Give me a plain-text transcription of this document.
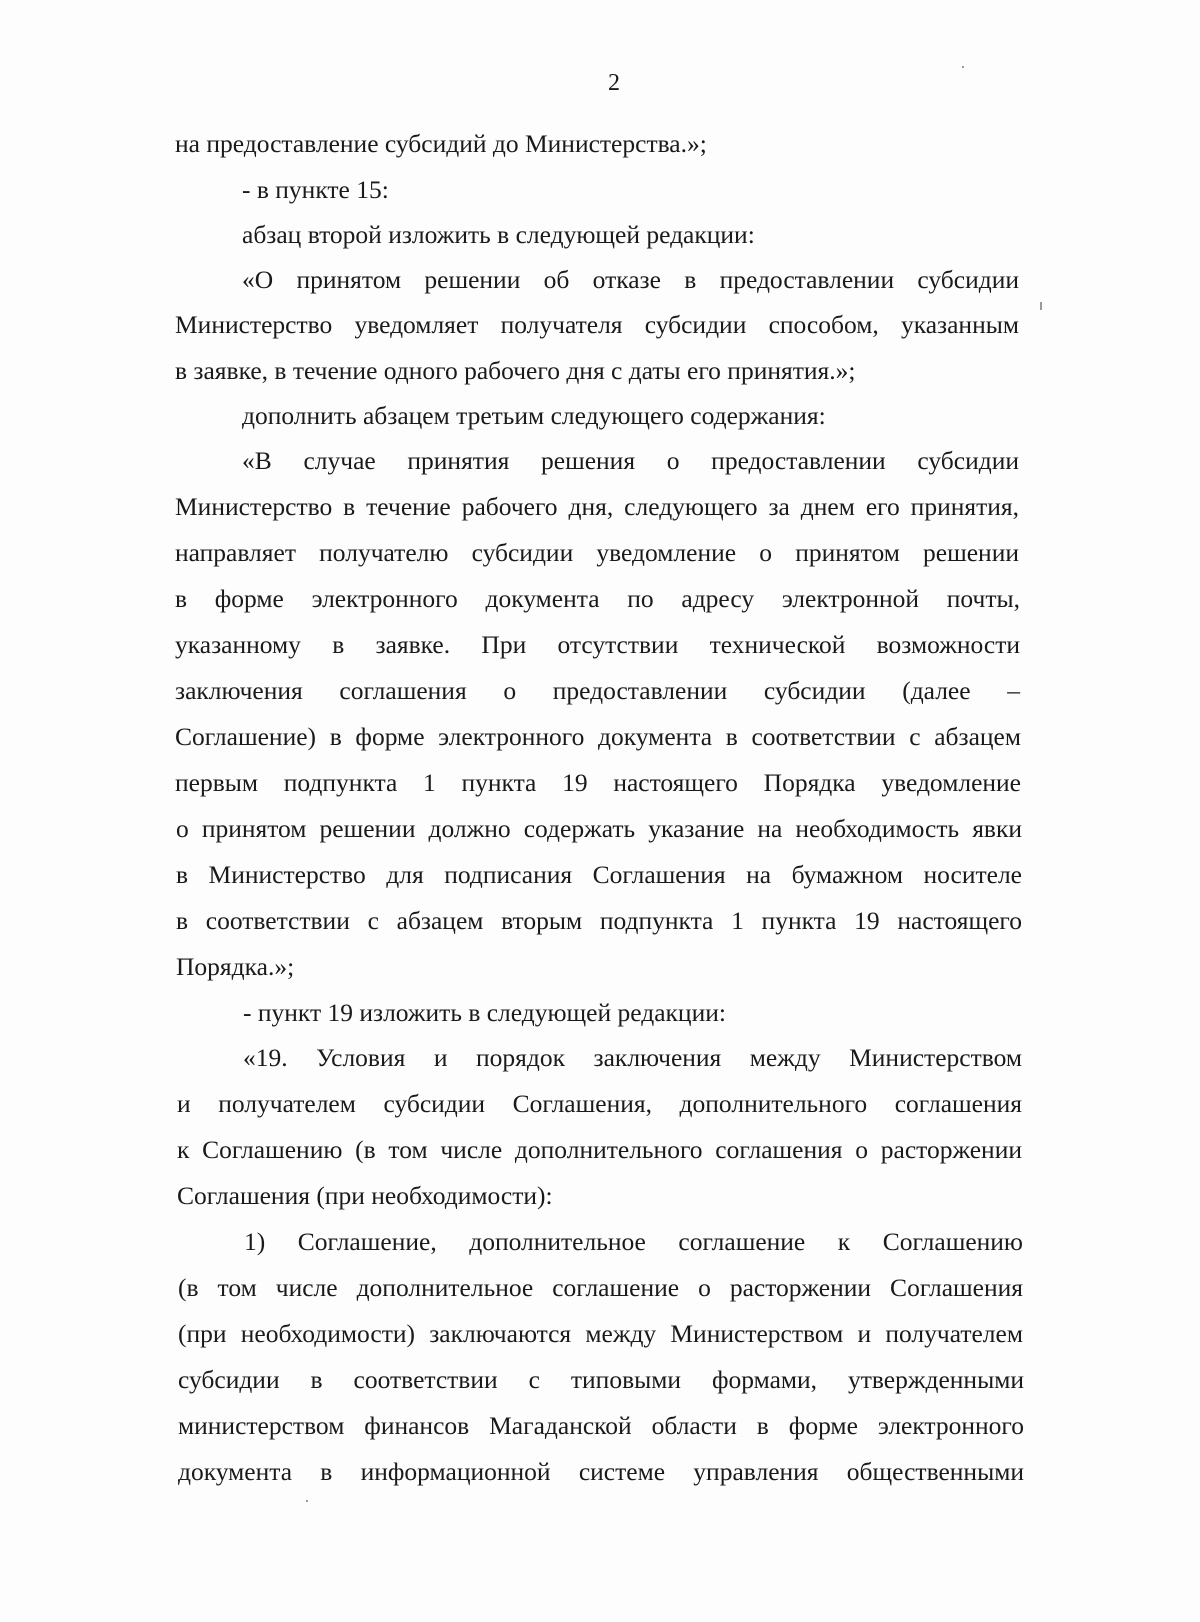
2
на предоставление субсидий до Министерства.»;
- в пункте 15:
абзац второй изложить в следующей редакции:
«О принятом решении об отказе в предоставлении субсидии
Министерство уведомляет получателя субсидии способом, указанным
в заявке, в течение одного рабочего дня с даты его принятия.»;
дополнить абзацем третьим следующего содержания:
«В случае принятия решения о предоставлении субсидии
Министерство в течение рабочего дня, следующего за днем его принятия,
направляет получателю субсидии уведомление о принятом решении
в форме электронного документа по адресу электронной почты,
указанному в заявке. При отсутствии технической возможности
заключения соглашения о предоставлении субсидии (далее –
Соглашение) в форме электронного документа в соответствии с абзацем
первым подпункта 1 пункта 19 настоящего Порядка уведомление
о принятом решении должно содержать указание на необходимость явки
в Министерство для подписания Соглашения на бумажном носителе
в соответствии с абзацем вторым подпункта 1 пункта 19 настоящего
Порядка.»;
- пункт 19 изложить в следующей редакции:
«19. Условия и порядок заключения между Министерством
и получателем субсидии Соглашения, дополнительного соглашения
к Соглашению (в том числе дополнительного соглашения о расторжении
Соглашения (при необходимости):
1) Соглашение, дополнительное соглашение к Соглашению
(в том числе дополнительное соглашение о расторжении Соглашения
(при необходимости) заключаются между Министерством и получателем
субсидии в соответствии с типовыми формами, утвержденными
министерством финансов Магаданской области в форме электронного
документа в информационной системе управления общественными
